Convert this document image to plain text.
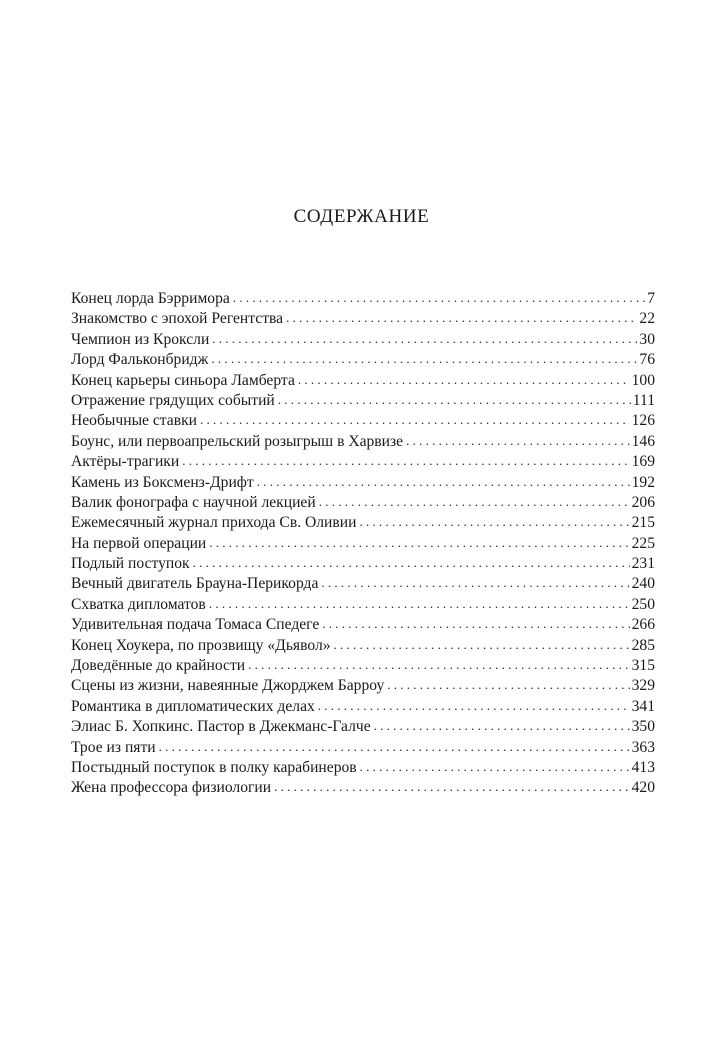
СОДЕРЖАНИЕ
Конец лорда Бэрримора . . .	7
Знакомство с эпохой Регентства . . .	22
Чемпион из Кроксли . . .	30
Лорд Фальконбридж . . .	76
Конец карьеры синьора Ламберта . . .	100
Отражение грядущих событий . . .	111
Необычные ставки . . .	126
Боунс, или первоапрельский розыгрыш в Харвизе . . .	146
Актёры-трагики . . .	169
Камень из Боксменз-Дрифт . . .	192
Валик фонографа с научной лекцией . . .	206
Ежемесячный журнал прихода Св. Оливии . . .	215
На первой операции . . .	225
Подлый поступок . . .	231
Вечный двигатель Брауна-Перикорда . . .	240
Схватка дипломатов . . .	250
Удивительная подача Томаса Спедеге . . .	266
Конец Хоукера, по прозвищу «Дьявол» . . .	285
Доведённые до крайности . . .	315
Сцены из жизни, навеянные Джорджем Барроу . . .	329
Романтика в дипломатических делах . . .	341
Элиас Б. Хопкинс. Пастор в Джекманс-Галче . . .	350
Трое из пяти . . .	363
Постыдный поступок в полку карабинеров . . .	413
Жена профессора физиологии . . .	420
